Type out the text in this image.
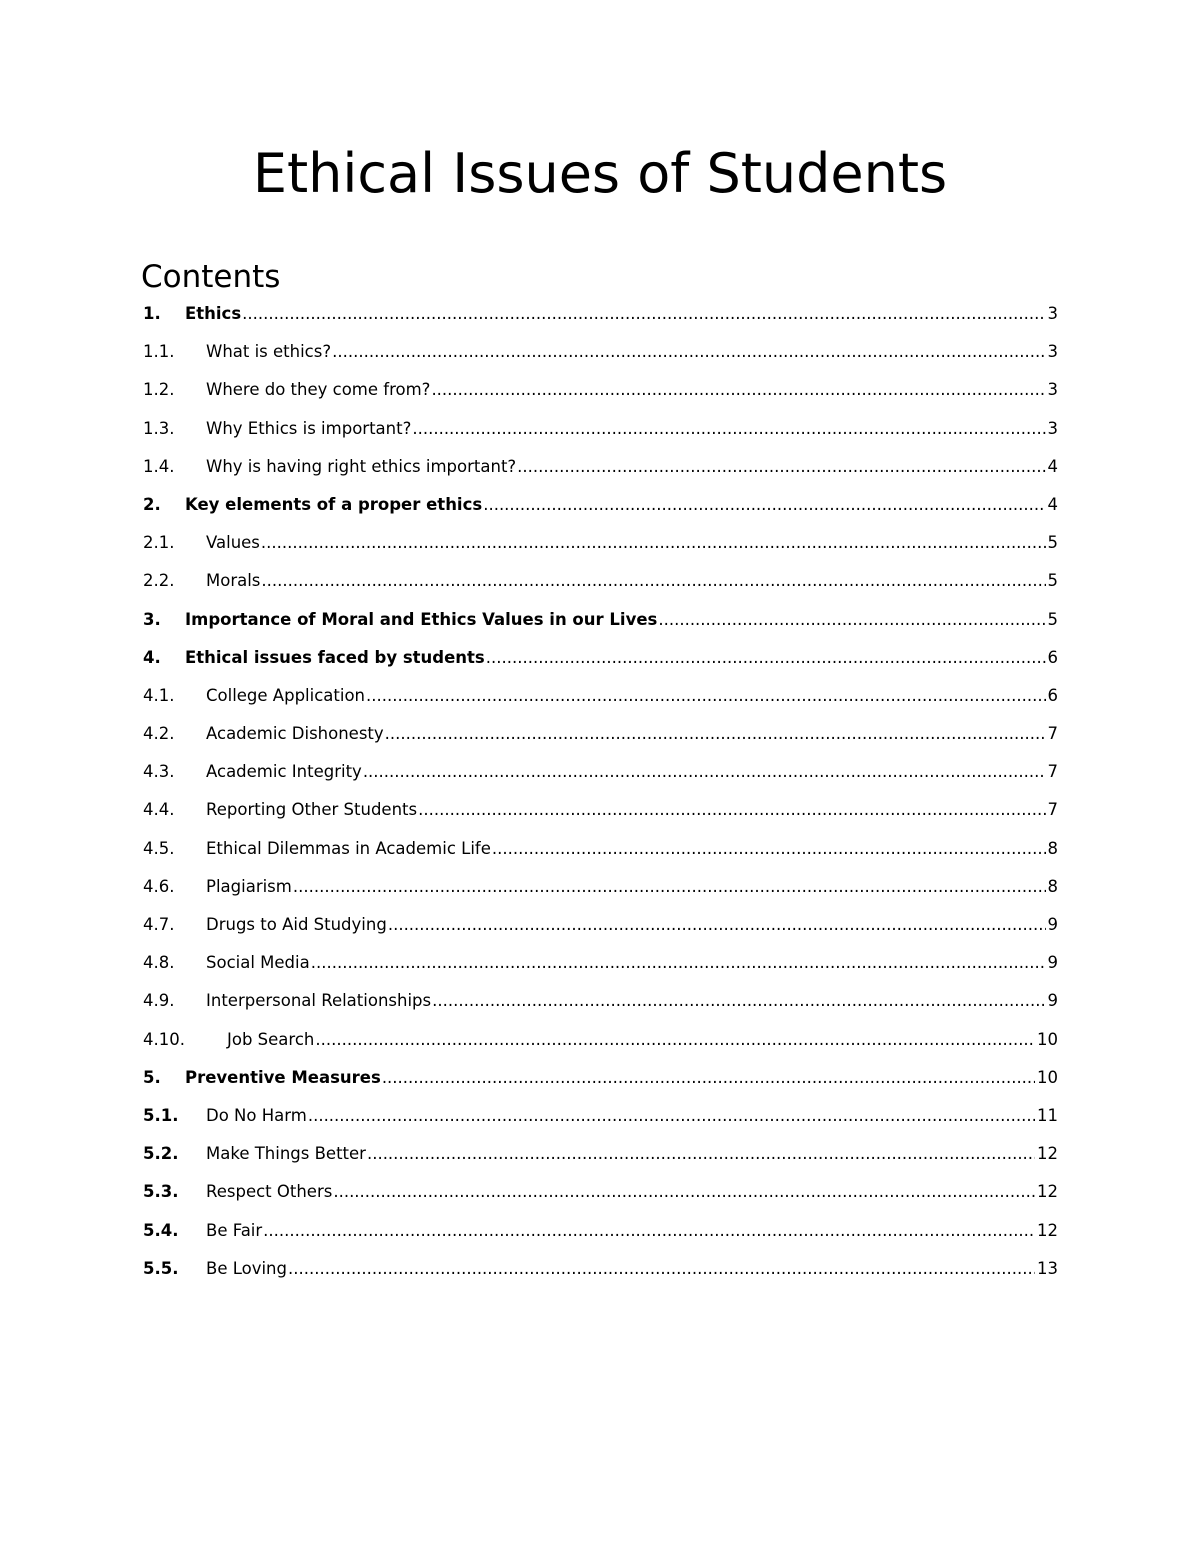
Ethical Issues of Students
Contents
1.	Ethics .....	3
1.1.	What is ethics? .....	3
1.2.	Where do they come from? .....	3
1.3.	Why Ethics is important? .....	3
1.4.	Why is having right ethics important? .....	4
2.	Key elements of a proper ethics .....	4
2.1.	Values .....	5
2.2.	Morals .....	5
3.	Importance of Moral and Ethics Values in our Lives .....	5
4.	Ethical issues faced by students .....	6
4.1.	College Application .....	6
4.2.	Academic Dishonesty .....	7
4.3.	Academic Integrity .....	7
4.4.	Reporting Other Students .....	7
4.5.	Ethical Dilemmas in Academic Life .....	8
4.6.	Plagiarism .....	8
4.7.	Drugs to Aid Studying .....	9
4.8.	Social Media .....	9
4.9.	Interpersonal Relationships .....	9
4.10.	Job Search .....	10
5.	Preventive Measures .....	10
5.1.	Do No Harm .....	11
5.2.	Make Things Better .....	12
5.3.	Respect Others .....	12
5.4.	Be Fair .....	12
5.5.	Be Loving .....	13
